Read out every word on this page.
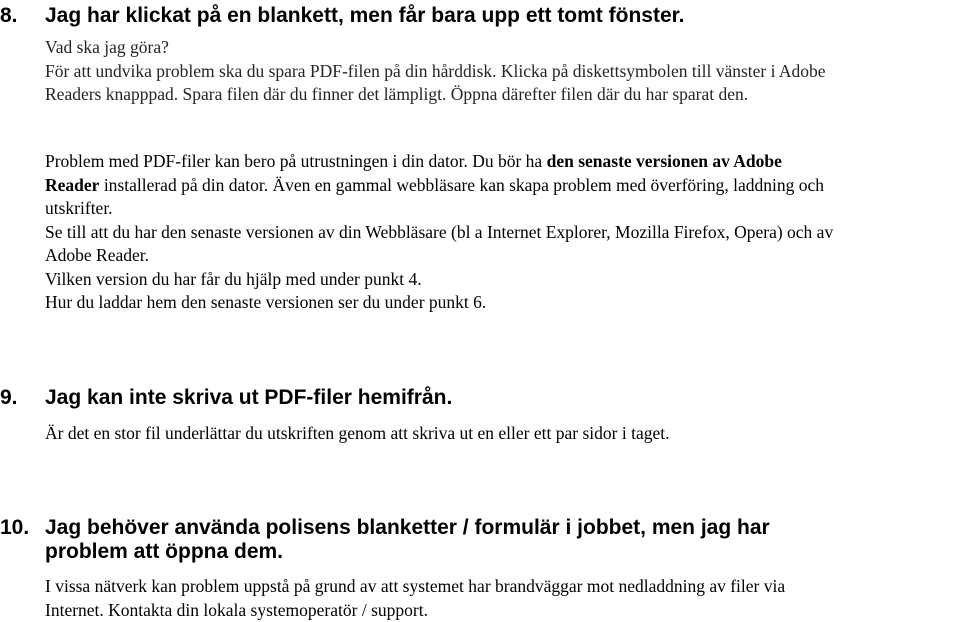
8. Jag har klickat på en blankett, men får bara upp ett tomt fönster.
Vad ska jag göra?
För att undvika problem ska du spara PDF-filen på din hårddisk. Klicka på diskettsymbolen till vänster i Adobe
Readers knappрad. Spara filen där du finner det lämpligt. Öppna därefter filen där du har sparat den.
Problem med PDF-filer kan bero på utrustningen i din dator. Du bör ha den senaste versionen av Adobe
Reader installerad på din dator. Även en gammal webbläsare kan skapa problem med överföring, laddning och
utskrifter.
Se till att du har den senaste versionen av din Webbläsare (bl a Internet Explorer, Mozilla Firefox, Opera) och av
Adobe Reader.
Vilken version du har får du hjälp med under punkt 4.
Hur du laddar hem den senaste versionen ser du under punkt 6.
9. Jag kan inte skriva ut PDF-filer hemifrån.
Är det en stor fil underlättar du utskriften genom att skriva ut en eller ett par sidor i taget.
10. Jag behöver använda polisens blanketter / formulär i jobbet, men jag har
problem att öppna dem.
I vissa nätverk kan problem uppstå på grund av att systemet har brandväggar mot nedladdning av filer via
Internet. Kontakta din lokala systemoperatör / support.
